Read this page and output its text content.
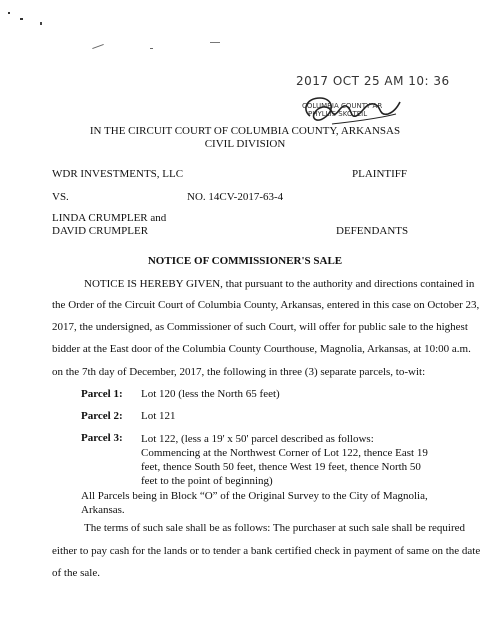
2017 OCT 25 AM 10: 36
COLUMBIA COUNTY AR
PHYLLIS SKOTEIL
IN THE CIRCUIT COURT OF COLUMBIA COUNTY, ARKANSAS
CIVIL DIVISION
WDR INVESTMENTS, LLC	PLAINTIFF
VS.	NO. 14CV-2017-63-4
LINDA CRUMPLER and
DAVID CRUMPLER	DEFENDANTS
NOTICE OF COMMISSIONER'S SALE
NOTICE IS HEREBY GIVEN, that pursuant to the authority and directions contained in
the Order of the Circuit Court of Columbia County, Arkansas, entered in this case on October 23,
2017, the undersigned, as Commissioner of such Court, will offer for public sale to the highest
bidder at the East door of the Columbia County Courthouse, Magnolia, Arkansas, at 10:00 a.m.
on the 7th day of December, 2017, the following in three (3) separate parcels, to-wit:
Parcel 1: Lot 120 (less the North 65 feet)
Parcel 2: Lot 121
Parcel 3: Lot 122, (less a 19' x 50' parcel described as follows:
Commencing at the Northwest Corner of Lot 122, thence East 19
feet, thence South 50 feet, thence West 19 feet, thence North 50
feet to the point of beginning)
All Parcels being in Block “O” of the Original Survey to the City of Magnolia,
Arkansas.
The terms of such sale shall be as follows: The purchaser at such sale shall be required
either to pay cash for the lands or to tender a bank certified check in payment of same on the date
of the sale.
